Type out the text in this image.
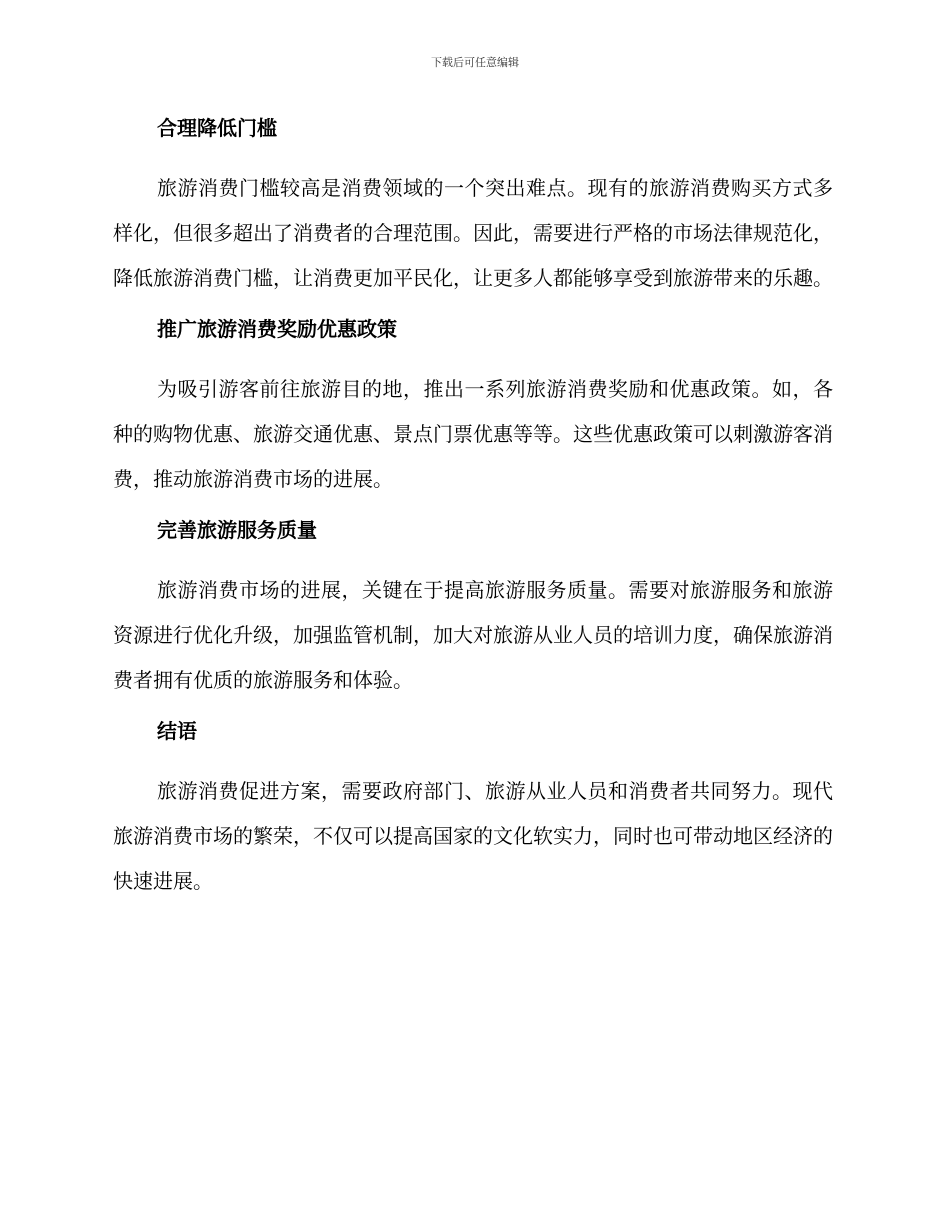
下载后可任意编辑
合理降低门槛

旅游消费门槛较高是消费领域的一个突出难点。现有的旅游消费购买方式多样化，但很多超出了消费者的合理范围。因此，需要进行严格的市场法律规范化，降低旅游消费门槛，让消费更加平民化，让更多人都能够享受到旅游带来的乐趣。

推广旅游消费奖励优惠政策

为吸引游客前往旅游目的地，推出一系列旅游消费奖励和优惠政策。如，各种的购物优惠、旅游交通优惠、景点门票优惠等等。这些优惠政策可以刺激游客消费，推动旅游消费市场的进展。

完善旅游服务质量

旅游消费市场的进展，关键在于提高旅游服务质量。需要对旅游服务和旅游资源进行优化升级，加强监管机制，加大对旅游从业人员的培训力度，确保旅游消费者拥有优质的旅游服务和体验。

结语

旅游消费促进方案，需要政府部门、旅游从业人员和消费者共同努力。现代旅游消费市场的繁荣，不仅可以提高国家的文化软实力，同时也可带动地区经济的快速进展。
